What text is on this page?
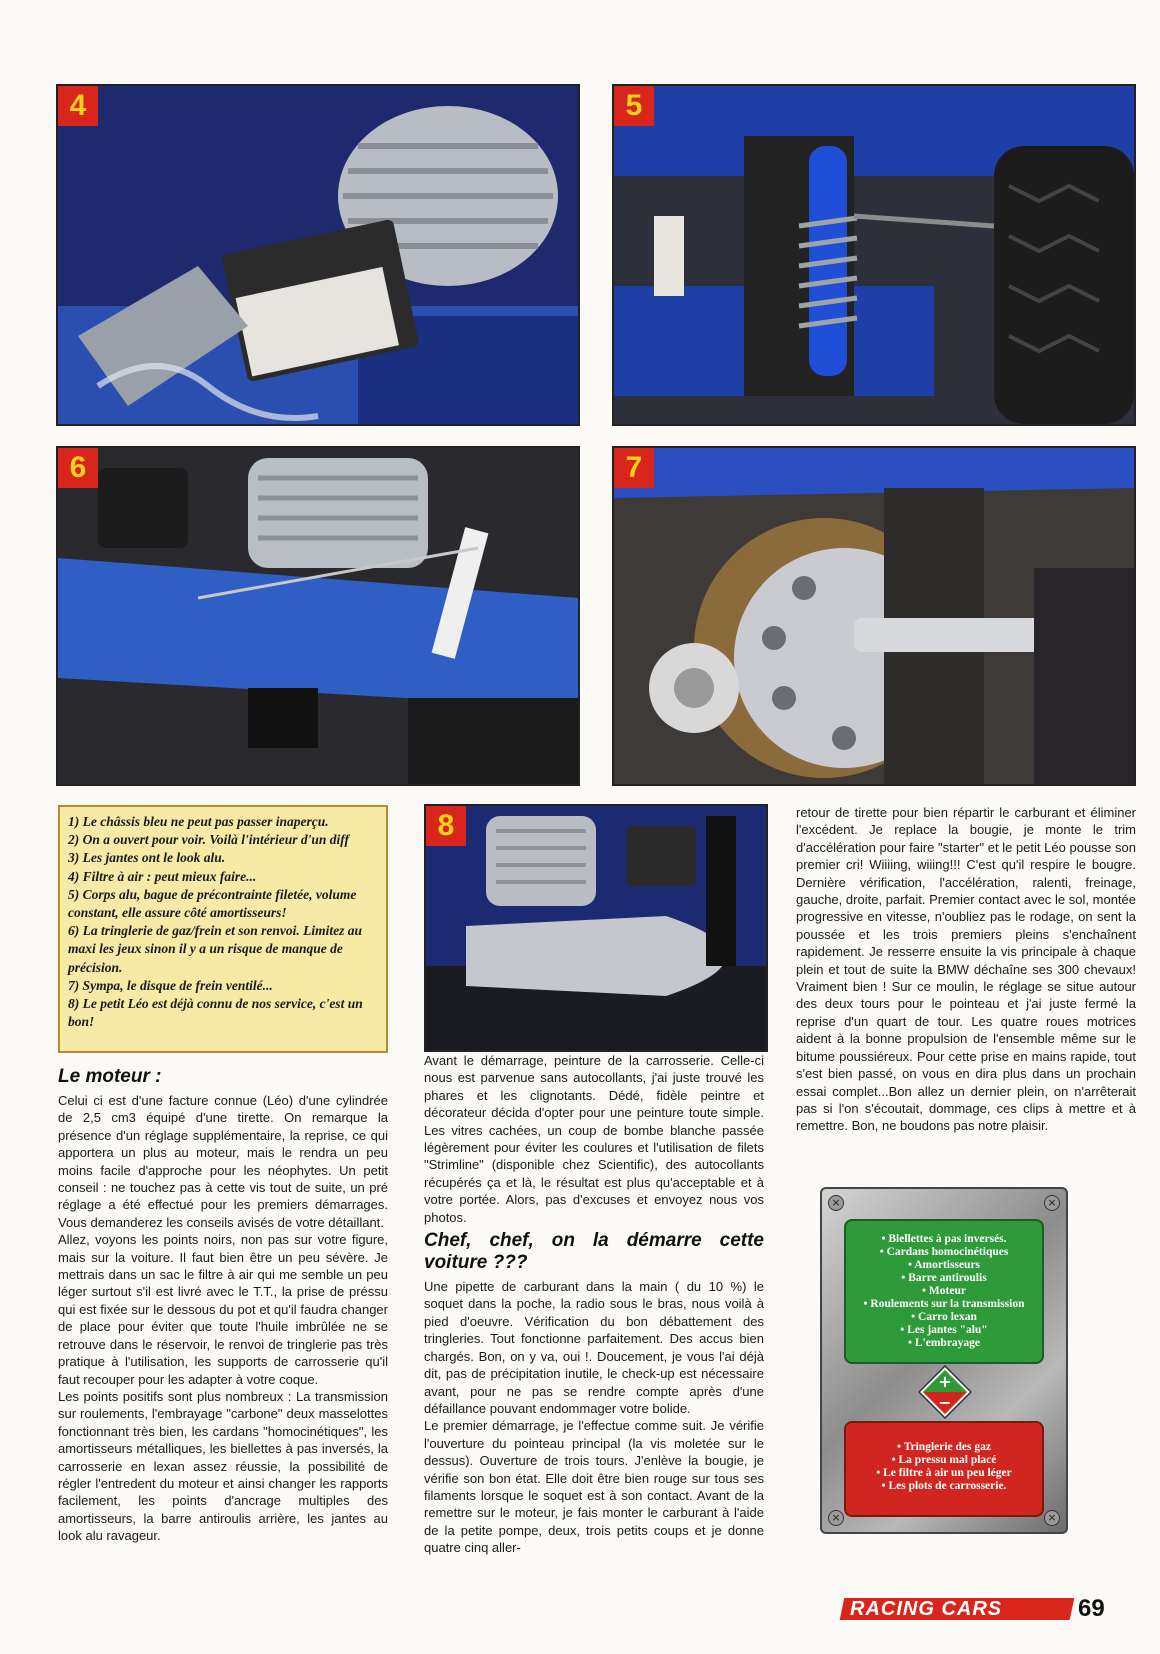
4	5
6	7
1) Le châssis bleu ne peut pas passer inaperçu.
2) On a ouvert pour voir. Voilà l'intérieur d'un diff
3) Les jantes ont le look alu.
4) Filtre à air : peut mieux faire...
5) Corps alu, bague de précontrainte filetée, volume constant, elle assure côté amortisseurs!
6) La tringlerie de gaz/frein et son renvoi. Limitez au maxi les jeux sinon il y a un risque de manque de précision.
7) Sympa, le disque de frein ventilé...
8) Le petit Léo est déjà connu de nos service, c'est un bon!
8
Le moteur :

Celui ci est d'une facture connue (Léo) d'une cylindrée de 2,5 cm3 équipé d'une tirette. On remarque la présence d'un réglage supplémentaire, la reprise, ce qui apportera un plus au moteur, mais le rendra un peu moins facile d'approche pour les néophytes. Un petit conseil : ne touchez pas à cette vis tout de suite, un pré réglage a été effectué pour les premiers démarrages. Vous demanderez les conseils avisés de votre détaillant.

Allez, voyons les points noirs, non pas sur votre figure, mais sur la voiture. Il faut bien être un peu sévère. Je mettrais dans un sac le filtre à air qui me semble un peu léger surtout s'il est livré avec le T.T., la prise de préssu qui est fixée sur le dessous du pot et qu'il faudra changer de place pour éviter que toute l'huile imbrûlée ne se retrouve dans le réservoir, le renvoi de tringlerie pas très pratique à l'utilisation, les supports de carrosserie qu'il faut recouper pour les adapter à votre coque.

Les points positifs sont plus nombreux : La transmission sur roulements, l'embrayage "carbone" deux masselottes fonctionnant très bien, les cardans "homocinétiques", les amortisseurs métalliques, les biellettes à pas inversés, la carrosserie en lexan assez réussie, la possibilité de régler l'entredent du moteur et ainsi changer les rapports facilement, les points d'ancrage multiples des amortisseurs, la barre antiroulis arrière, les jantes au look alu ravageur.

Avant le démarrage, peinture de la carrosserie. Celle-ci nous est parvenue sans autocollants, j'ai juste trouvé les phares et les clignotants. Dédé, fidèle peintre et décorateur décida d'opter pour une peinture toute simple. Les vitres cachées, un coup de bombe blanche passée légèrement pour éviter les coulures et l'utilisation de filets "Strimline" (disponible chez Scientific), des autocollants récupérés ça et là, le résultat est plus qu'acceptable et à votre portée. Alors, pas d'excuses et envoyez nous vos photos.

Chef, chef, on la démarre cette voiture ???

Une pipette de carburant dans la main ( du 10 %) le soquet dans la poche, la radio sous le bras, nous voilà à pied d'oeuvre. Vérification du bon débattement des tringleries. Tout fonctionne parfaitement. Des accus bien chargés. Bon, on y va, oui !. Doucement, je vous l'ai déjà dit, pas de précipitation inutile, le check-up est nécessaire avant, pour ne pas se rendre compte après d'une défaillance pouvant endommager votre bolide.

Le premier démarrage, je l'effectue comme suit. Je vérifie l'ouverture du pointeau principal (la vis moletée sur le dessus). Ouverture de trois tours. J'enlève la bougie, je vérifie son bon état. Elle doit être bien rouge sur tous ses filaments lorsque le soquet est à son contact. Avant de la remettre sur le moteur, je fais monter le carburant à l'aide de la petite pompe, deux, trois petits coups et je donne quatre cinq aller-

retour de tirette pour bien répartir le carburant et éliminer l'excédent. Je replace la bougie, je monte le trim d'accélération pour faire "starter" et le petit Léo pousse son premier cri! Wiiiing, wiiing!!! C'est qu'il respire le bougre. Dernière vérification, l'accélération, ralenti, freinage, gauche, droite, parfait. Premier contact avec le sol, montée progressive en vitesse, n'oubliez pas le rodage, on sent la poussée et les trois premiers pleins s'enchaînent rapidement. Je resserre ensuite la vis principale à chaque plein et tout de suite la BMW déchaîne ses 300 chevaux! Vraiment bien ! Sur ce moulin, le réglage se situe autour des deux tours pour le pointeau et j'ai juste fermé la reprise d'un quart de tour. Les quatre roues motrices aident à la bonne propulsion de l'ensemble même sur le bitume poussiéreux. Pour cette prise en mains rapide, tout s'est bien passé, on vous en dira plus dans un prochain essai complet...Bon allez un dernier plein, on n'arrêterait pas si l'on s'écoutait, dommage, ces clips à mettre et à remettre. Bon, ne boudons pas notre plaisir.

×	×
×	×
• Biellettes à pas inversés.
• Cardans homocinétiques
• Amortisseurs
• Barre antiroulis
• Moteur
• Roulements sur la transmission
• Carro lexan
• Les jantes "alu"
• L'embrayage
+
−
• Tringlerie des gaz
• La pressu mal placé
• Le filtre à air un peu léger
• Les plots de carrosserie.
RACING CARS	69
